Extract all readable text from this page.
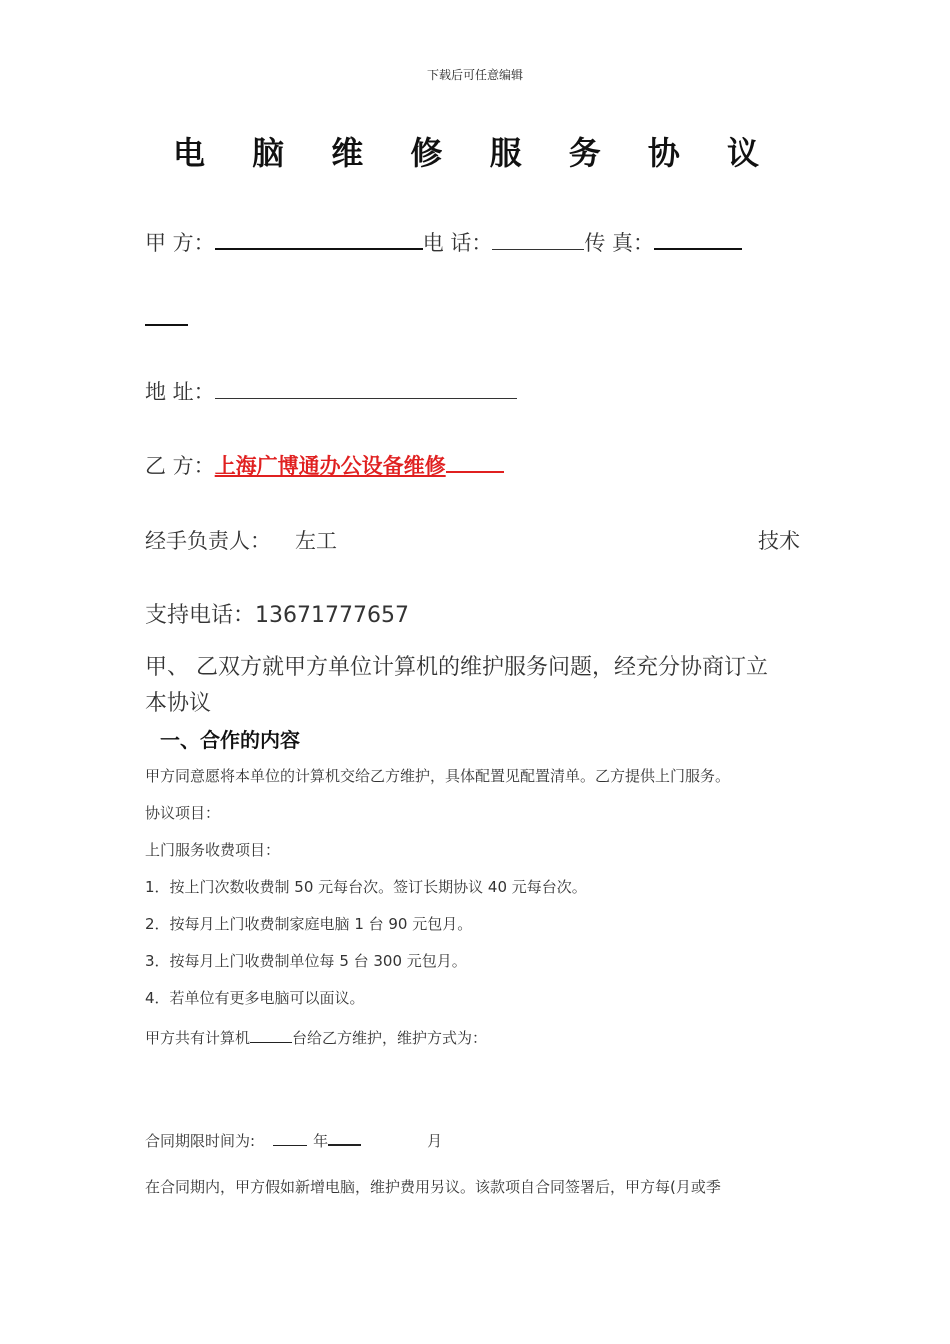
下载后可任意编辑
电 脑 维 修 服 务 协 议
甲 方：	电 话：	传 真：
地 址：
乙 方：上海广博通办公设备维修
经手负责人： 左工	技术
支持电话：13671777657
甲、 乙双方就甲方单位计算机的维护服务问题，经充分协商订立
本协议
一、合作的内容
甲方同意愿将本单位的计算机交给乙方维护，具体配置见配置清单。乙方提供上门服务。
协议项目：
上门服务收费项目：
1．按上门次数收费制 50 元每台次。签订长期协议 40 元每台次。
2．按每月上门收费制家庭电脑 1 台 90 元包月。
3．按每月上门收费制单位每 5 台 300 元包月。
4．若单位有更多电脑可以面议。
甲方共有计算机	台给乙方维护，维护方式为：
合同期限时间为:	年	月
在合同期内，甲方假如新增电脑，维护费用另议。该款项自合同签署后，甲方每(月或季
